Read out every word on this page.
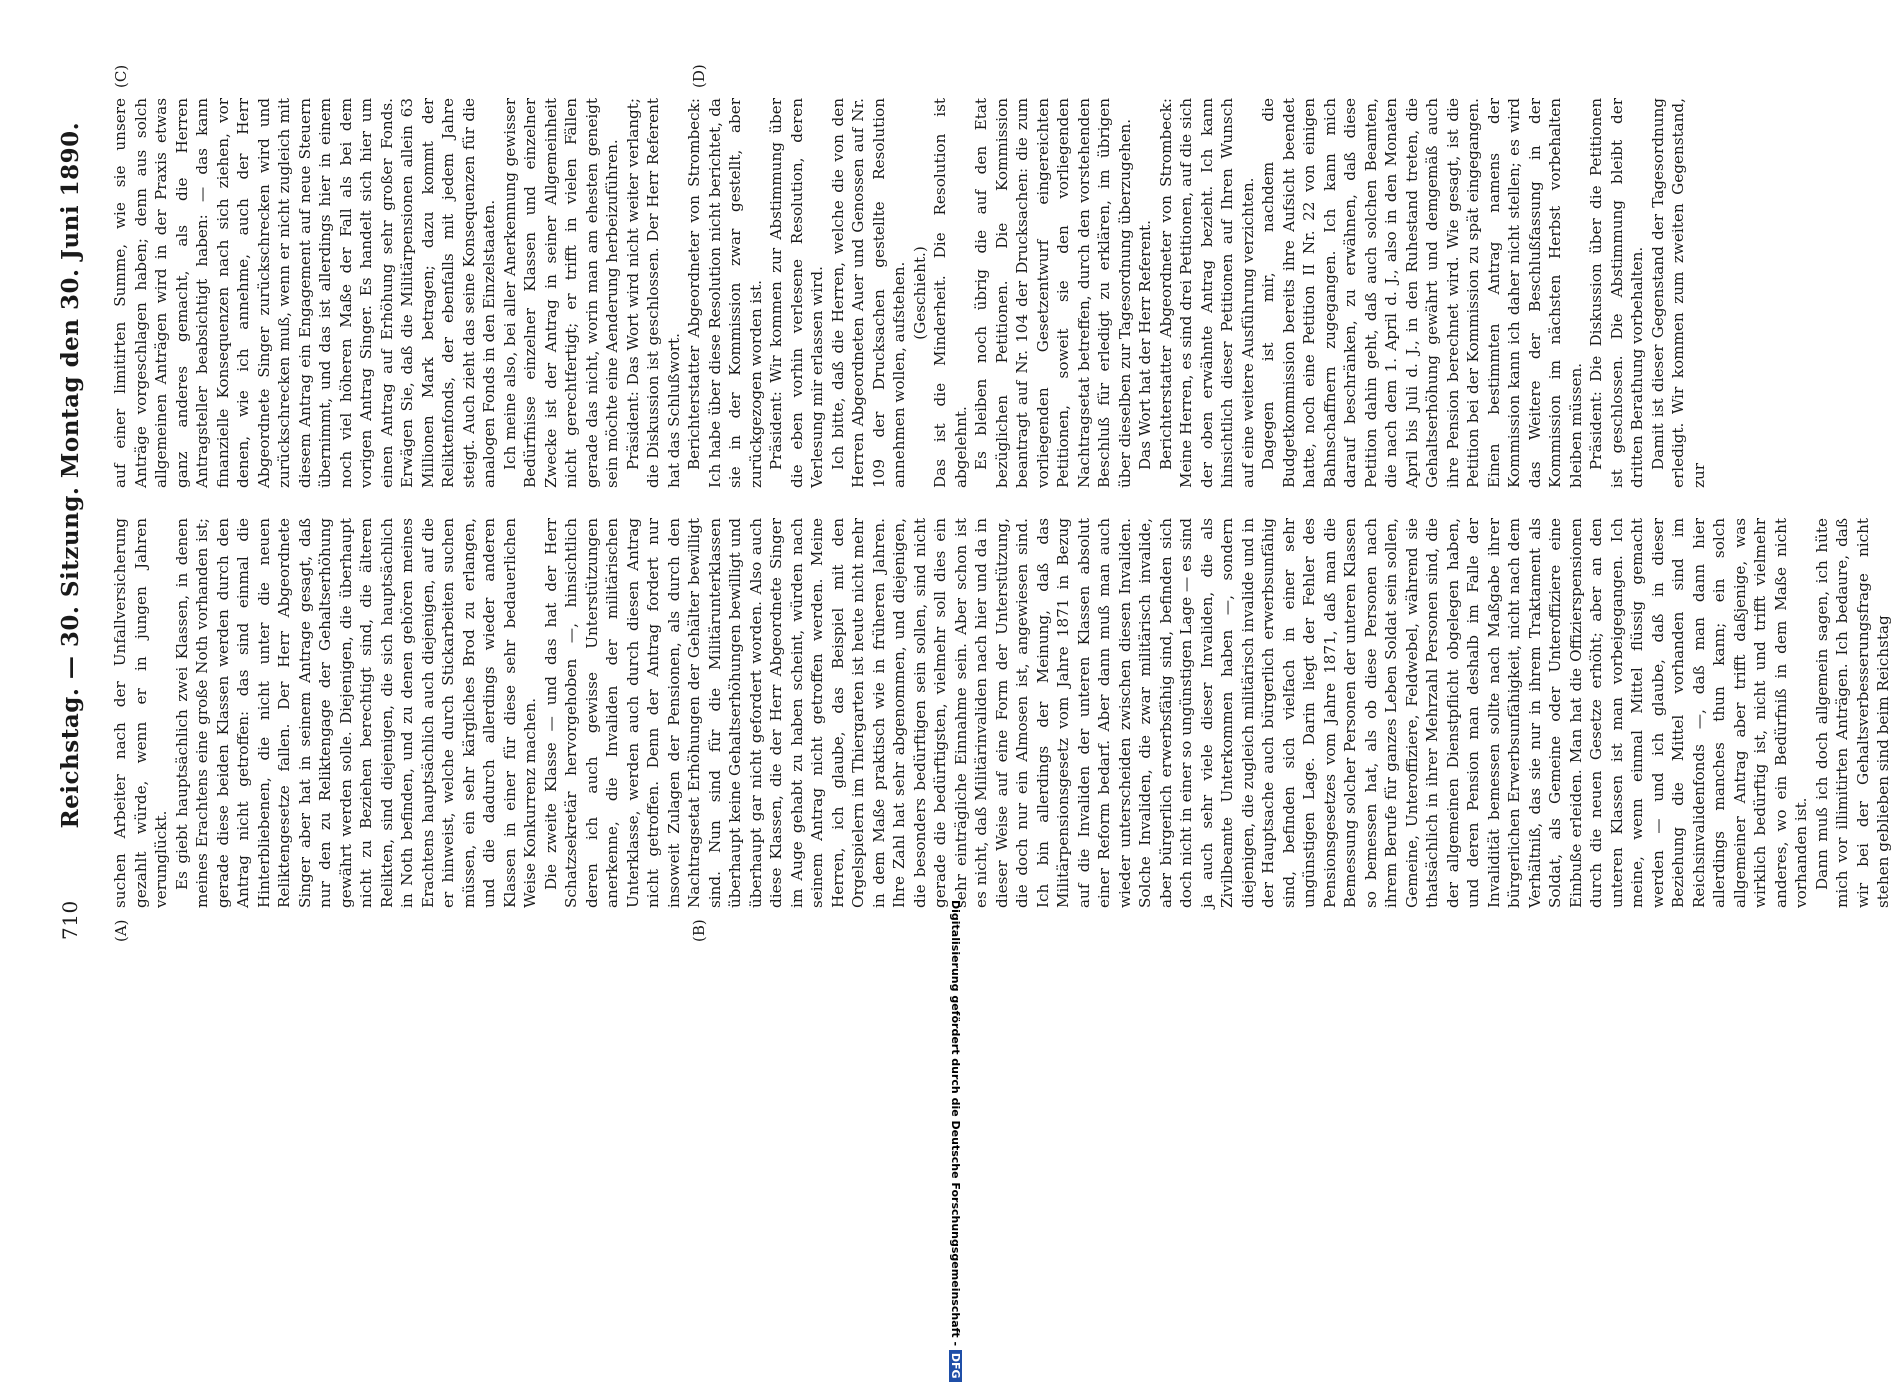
710
Reichstag. — 30. Sitzung. Montag den 30. Juni 1890.
(A)	(B)
(C)	(D)

suchen Arbeiter nach der Unfallversicherung gezahlt würde, wenn er in jungen Jahren verunglückt. Es giebt hauptsächlich zwei Klassen, in denen meines Erachtens eine große Noth vorhanden ist; gerade diese beiden Klassen werden durch den Antrag nicht getroffen: das sind einmal die Hinterbliebenen, die nicht unter die neuen Reliktengesetze fallen. Der Herr Abgeordnete Singer aber hat in seinem Antrage gesagt, daß nur den zu Reliktengage der Gehaltserhöhung gewährt werden solle. Diejenigen, die überhaupt nicht zu Beziehen berechtigt sind, die älteren Relikten, sind diejenigen, die sich hauptsächlich in Noth befinden, und zu denen gehören meines Erachtens hauptsächlich auch diejenigen, auf die er hinweist, welche durch Stickarbeiten suchen müssen, ein sehr kärgliches Brod zu erlangen, und die dadurch allerdings wieder anderen Klassen in einer für diese sehr bedauerlichen Weise Konkurrenz machen. Die zweite Klasse — und das hat der Herr Schatzsekretär hervorgehoben —, hinsichtlich deren ich auch gewisse Unterstützungen anerkenne, die Invaliden der militärischen Unterklasse, werden auch durch diesen Antrag nicht getroffen. Denn der Antrag fordert nur insoweit Zulagen der Pensionen, als durch den Nachtragsetat Erhöhungen der Gehälter bewilligt sind. Nun sind für die Militärunterklassen überhaupt keine Gehaltserhöhungen bewilligt und überhaupt gar nicht gefordert worden. Also auch diese Klassen, die der Herr Abgeordnete Singer im Auge gehabt zu haben scheint, würden nach seinem Antrag nicht getroffen werden. Meine Herren, ich glaube, das Beispiel mit den Orgelspielern im Thiergarten ist heute nicht mehr in dem Maße praktisch wie in früheren Jahren. Ihre Zahl hat sehr abgenommen, und diejenigen, die besonders bedürftigen sein sollen, sind nicht gerade die bedürftigsten, vielmehr soll dies ein sehr einträgliche Einnahme sein. Aber schon ist es nicht, daß Militärinvaliden nach hier und da in dieser Weise auf eine Form der Unterstützung, die doch nur ein Almosen ist, angewiesen sind. Ich bin allerdings der Meinung, daß das Militärpensionsgesetz vom Jahre 1871 in Bezug auf die Invaliden der unteren Klassen absolut einer Reform bedarf. Aber dann muß man auch wieder unterscheiden zwischen diesen Invaliden. Solche Invaliden, die zwar militärisch invalide, aber bürgerlich erwerbsfähig sind, befinden sich doch nicht in einer so ungünstigen Lage — es sind ja auch sehr viele dieser Invaliden, die als Zivilbeamte Unterkommen haben —, sondern diejenigen, die zugleich militärisch invalide und in der Hauptsache auch bürgerlich erwerbsunfähig sind, befinden sich vielfach in einer sehr ungünstigen Lage. Darin liegt der Fehler des Pensionsgesetzes vom Jahre 1871, daß man die Bemessung solcher Personen der unteren Klassen so bemessen hat, als ob diese Personen nach ihrem Berufe für ganzes Leben Soldat sein sollen, Gemeine, Unteroffiziere, Feldwebel, während sie thatsächlich in ihrer Mehrzahl Personen sind, die der allgemeinen Dienstpflicht obgelegen haben, und deren Pension man deshalb im Falle der Invalidität bemessen sollte nach Maßgabe ihrer bürgerlichen Erwerbsunfähigkeit, nicht nach dem Verhältniß, das sie nur in ihrem Traktament als Soldat, als Gemeine oder Unteroffiziere eine Einbuße erleiden. Man hat die Offizierspensionen durch die neuen Gesetze erhöht; aber an den unteren Klassen ist man vorbeigegangen. Ich meine, wenn einmal Mittel flüssig gemacht werden — und ich glaube, daß in dieser Beziehung die Mittel vorhanden sind im Reichsinvalidenfonds —, daß man dann hier allerdings manches thun kann; ein solch allgemeiner Antrag aber trifft daßjenige, was wirklich bedürftig ist, nicht und trifft vielmehr anderes, wo ein Bedürfniß in dem Maße nicht vorhanden ist. Dann muß ich doch allgemein sagen, ich hüte mich vor illimitirten Anträgen. Ich bedaure, daß wir bei der Gehaltsverbesserungsfrage nicht stehen geblieben sind beim Reichstag

auf einer limitirten Summe, wie sie unsere Anträge vorgeschlagen haben; denn aus solch allgemeinen Anträgen wird in der Praxis etwas ganz anderes gemacht, als die Herren Antragsteller beabsichtigt haben: — das kann finanzielle Konsequenzen nach sich ziehen, vor denen, wie ich annehme, auch der Herr Abgeordnete Singer zurückschrecken wird und zurückschrecken muß, wenn er nicht zugleich mit diesem Antrag ein Engagement auf neue Steuern übernimmt, und das ist allerdings hier in einem noch viel höheren Maße der Fall als bei dem vorigen Antrag Singer. Es handelt sich hier um einen Antrag auf Erhöhung sehr großer Fonds. Erwägen Sie, daß die Militärpensionen allein 63 Millionen Mark betragen; dazu kommt der Reliktenfonds, der ebenfalls mit jedem Jahre steigt. Auch zieht das seine Konsequenzen für die analogen Fonds in den Einzelstaaten. Ich meine also, bei aller Anerkennung gewisser Bedürfnisse einzelner Klassen und einzelner Zwecke ist der Antrag in seiner Allgemeinheit nicht gerechtfertigt; er trifft in vielen Fällen gerade das nicht, worin man am ehesten geneigt sein möchte eine Aenderung herbeizuführen. Präsident: Das Wort wird nicht weiter verlangt; die Diskussion ist geschlossen. Der Herr Referent hat das Schlußwort. Berichterstatter Abgeordneter von Strombeck: Ich habe über diese Resolution nicht berichtet, da sie in der Kommission zwar gestellt, aber zurückgezogen worden ist. Präsident: Wir kommen zur Abstimmung über die eben vorhin verlesene Resolution, deren Verlesung mir erlassen wird. Ich bitte, daß die Herren, welche die von den Herren Abgeordneten Auer und Genossen auf Nr. 109 der Drucksachen gestellte Resolution annehmen wollen, aufstehen. (Geschieht.) Das ist die Minderheit. Die Resolution ist abgelehnt. Es bleiben noch übrig die auf den Etat bezüglichen Petitionen. Die Kommission beantragt auf Nr. 104 der Drucksachen: die zum vorliegenden Gesetzentwurf eingereichten Petitionen, soweit sie den vorliegenden Nachtragsetat betreffen, durch den vorstehenden Beschluß für erledigt zu erklären, im übrigen über dieselben zur Tagesordnung überzugehen. Das Wort hat der Herr Referent. Berichterstatter Abgeordneter von Strombeck: Meine Herren, es sind drei Petitionen, auf die sich der oben erwähnte Antrag bezieht. Ich kann hinsichtlich dieser Petitionen auf Ihren Wunsch auf eine weitere Ausführung verzichten. Dagegen ist mir, nachdem die Budgetkommission bereits ihre Aufsicht beendet hatte, noch eine Petition II Nr. 22 von einigen Bahnschaffnern zugegangen. Ich kann mich darauf beschränken, zu erwähnen, daß diese Petition dahin geht, daß auch solchen Beamten, die nach dem 1. April d. J., also in den Monaten April bis Juli d. J., in den Ruhestand treten, die Gehaltserhöhung gewährt und demgemäß auch ihre Pension berechnet wird. Wie gesagt, ist die Petition bei der Kommission zu spät eingegangen. Einen bestimmten Antrag namens der Kommission kann ich daher nicht stellen; es wird das Weitere der Beschlußfassung in der Kommission im nächsten Herbst vorbehalten bleiben müssen. Präsident: Die Diskussion über die Petitionen ist geschlossen. Die Abstimmung bleibt der dritten Berathung vorbehalten. Damit ist dieser Gegenstand der Tagesordnung erledigt. Wir kommen zum zweiten Gegenstand, zur

Digitalisierung gefördert durch die Deutsche Forschungsgemeinschaft - DFG
